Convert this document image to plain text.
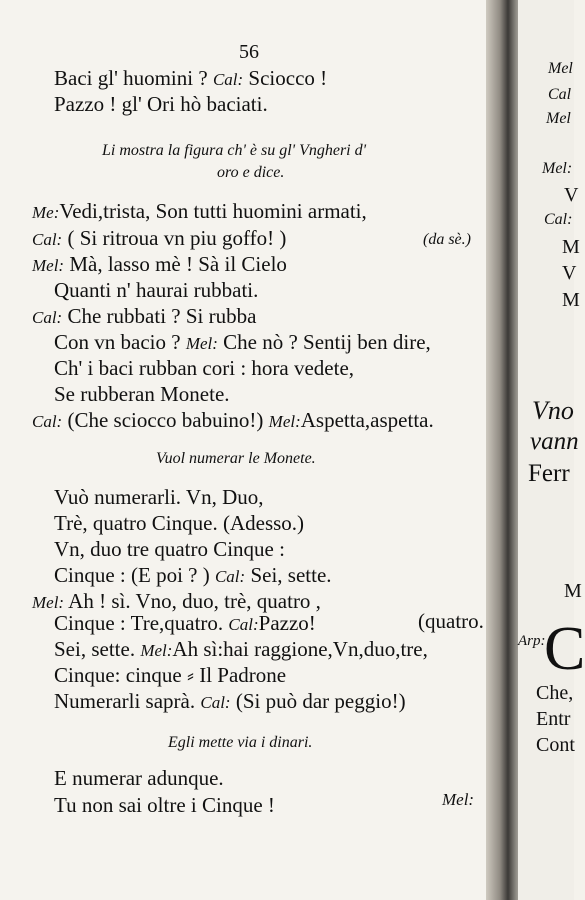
56
Baci gl' huomini ? Cal: Sciocco !
Pazzo ! gl' Ori hò baciati.
Li mostra la figura ch' è su gl' Vngheri d'
oro e dice.
Me:Vedi,trista, Son tutti huomini armati,
Cal: ( Si ritroua vn piu goffo! )	(da sè.)
Mel: Mà, lasso mè ! Sà il Cielo
Quanti n' haurai rubbati.
Cal: Che rubbati ? Si rubba
Con vn bacio ? Mel: Che nò ? Sentij ben dire,
Ch' i baci rubban cori : hora vedete,
Se rubberan Monete.
Cal: (Che sciocco babuino!) Mel:Aspetta,aspetta.
Vuol numerar le Monete.
Vuò numerarli. Vn, Duo,
Trè, quatro Cinque. (Adesso.)
Vn, duo tre quatro Cinque :
Cinque : (E poi ? ) Cal: Sei, sette.
Mel: Ah ! sì. Vno, duo, trè, quatro ,
Cinque : Tre,quatro. Cal:Pazzo!	(quatro.
Sei, sette. Mel:Ah sì:hai raggione,Vn,duo,tre,
Cinque: cinque ⸗ Il Padrone
Numerarli saprà. Cal: (Si può dar peggio!)
Egli mette via i dinari.
E numerar adunque.
Tu non sai oltre i Cinque !	Mel:
Mel
Cal
Mel
Mel:
V
Cal:
M
V
M
Vno
vann
Ferr
M
Arp:
C
Che,
Entr
Cont
